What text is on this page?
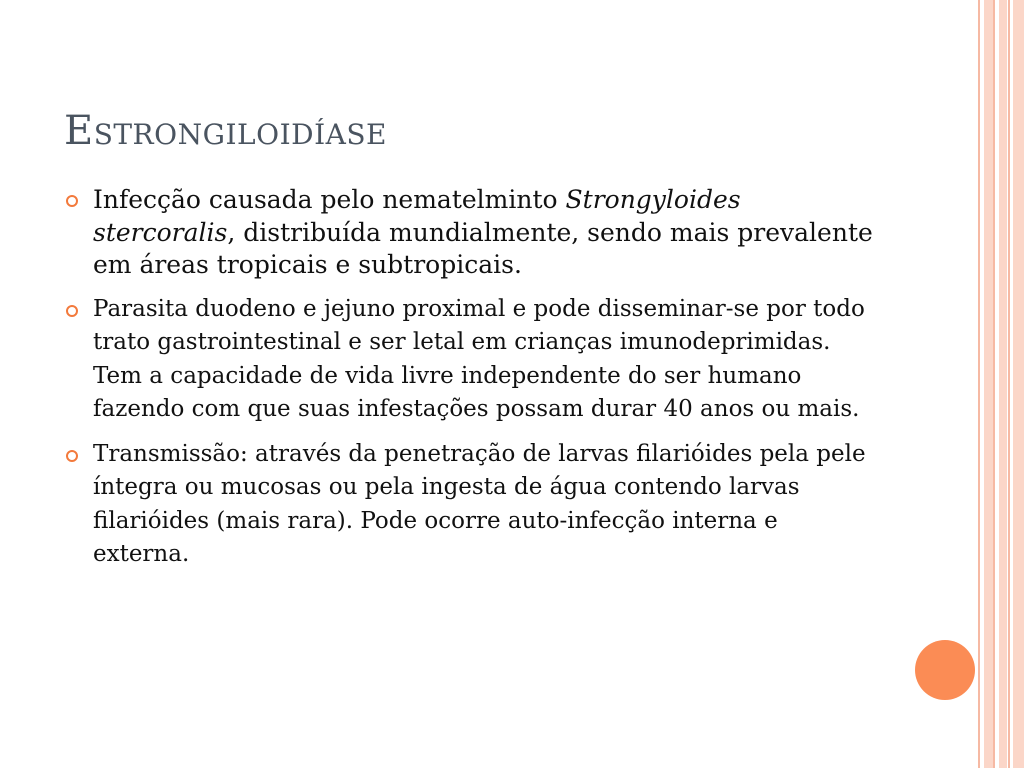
Estrongiloidíase
Infecção causada pelo nematelminto Strongyloides stercoralis, distribuída mundialmente, sendo mais prevalente em áreas tropicais e subtropicais.
Parasita duodeno e jejuno proximal e pode disseminar-se por todo trato gastrointestinal e ser letal em crianças imunodeprimidas. Tem a capacidade de vida livre independente do ser humano fazendo com que suas infestações possam durar 40 anos ou mais.
Transmissão: através da penetração de larvas filarióides pela pele íntegra ou mucosas ou pela ingesta de água contendo larvas filarióides (mais rara). Pode ocorre auto-infecção interna e externa.
